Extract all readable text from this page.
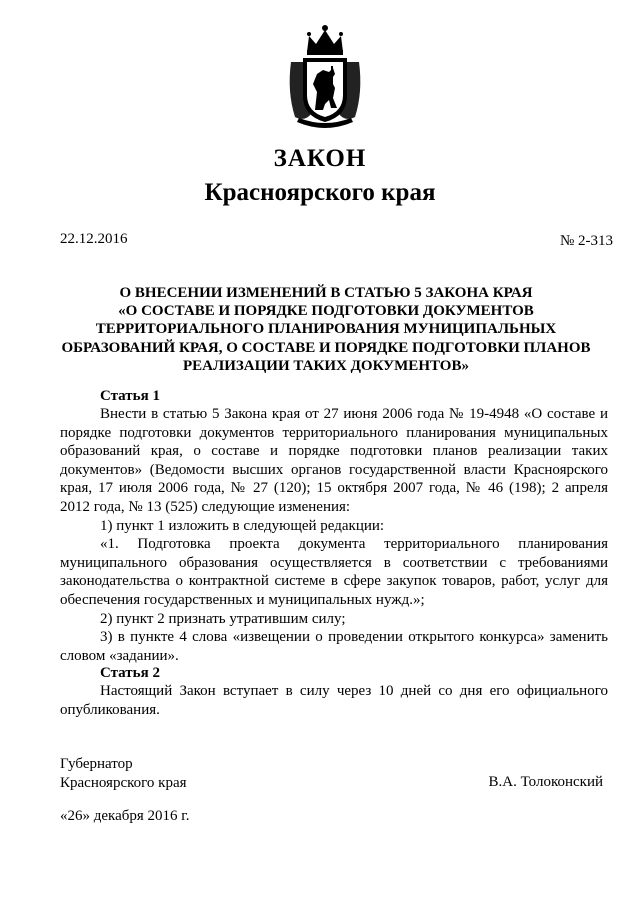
ЗАКОН
Красноярского края
22.12.2016	№ 2-313
О ВНЕСЕНИИ ИЗМЕНЕНИЙ В СТАТЬЮ 5 ЗАКОНА КРАЯ
«О СОСТАВЕ И ПОРЯДКЕ ПОДГОТОВКИ ДОКУМЕНТОВ
ТЕРРИТОРИАЛЬНОГО ПЛАНИРОВАНИЯ МУНИЦИПАЛЬНЫХ
ОБРАЗОВАНИЙ КРАЯ, О СОСТАВЕ И ПОРЯДКЕ ПОДГОТОВКИ ПЛАНОВ
РЕАЛИЗАЦИИ ТАКИХ ДОКУМЕНТОВ»
Статья 1
Внести в статью 5 Закона края от 27 июня 2006 года № 19-4948 «О составе и
порядке подготовки документов территориального планирования муниципальных
образований края, о составе и порядке подготовки планов реализации таких
документов» (Ведомости высших органов государственной власти Красноярского
края, 17 июля 2006 года, № 27 (120); 15 октября 2007 года, № 46 (198); 2 апреля
2012 года, № 13 (525) следующие изменения:
1) пункт 1 изложить в следующей редакции:
«1. Подготовка проекта документа территориального планирования
муниципального образования осуществляется в соответствии с требованиями
законодательства о контрактной системе в сфере закупок товаров, работ, услуг для
обеспечения государственных и муниципальных нужд.»;
2) пункт 2 признать утратившим силу;
3) в пункте 4 слова «извещении о проведении открытого конкурса» заменить
словом «задании».
Статья 2
Настоящий Закон вступает в силу через 10 дней со дня его официального
опубликования.
Губернатор
Красноярского края	В.А. Толоконский
«26» декабря 2016 г.
